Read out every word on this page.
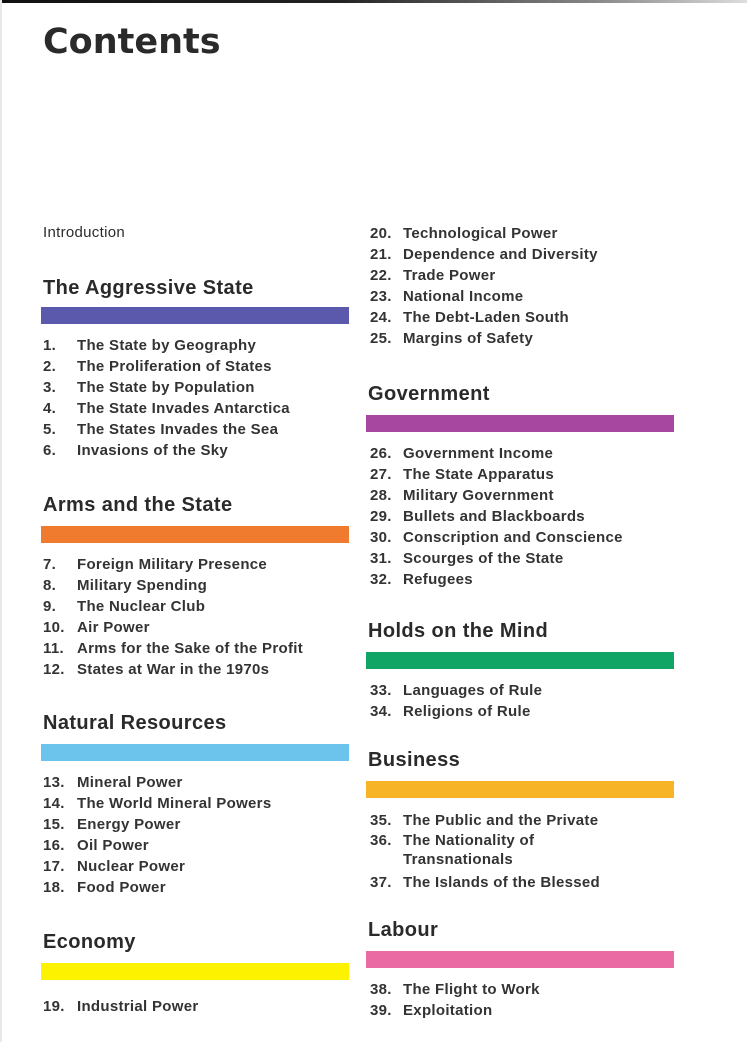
Contents
Introduction
The Aggressive State
1.	The State by Geography
2.	The Proliferation of States
3.	The State by Population
4.	The State Invades Antarctica
5.	The States Invades the Sea
6.	Invasions of the Sky
Arms and the State
7.	Foreign Military Presence
8.	Military Spending
9.	The Nuclear Club
10. Air Power
11. Arms for the Sake of the Profit
12. States at War in the 1970s
Natural Resources
13. Mineral Power
14. The World Mineral Powers
15. Energy Power
16. Oil Power
17. Nuclear Power
18. Food Power
Economy
19. Industrial Power
20. Technological Power
21. Dependence and Diversity
22. Trade Power
23. National Income
24. The Debt-Laden South
25. Margins of Safety
Government
26. Government Income
27. The State Apparatus
28. Military Government
29. Bullets and Blackboards
30. Conscription and Conscience
31. Scourges of the State
32. Refugees
Holds on the Mind
33. Languages of Rule
34. Religions of Rule
Business
35. The Public and the Private
36. The Nationality of Transnationals
37. The Islands of the Blessed
Labour
38. The Flight to Work
39. Exploitation
